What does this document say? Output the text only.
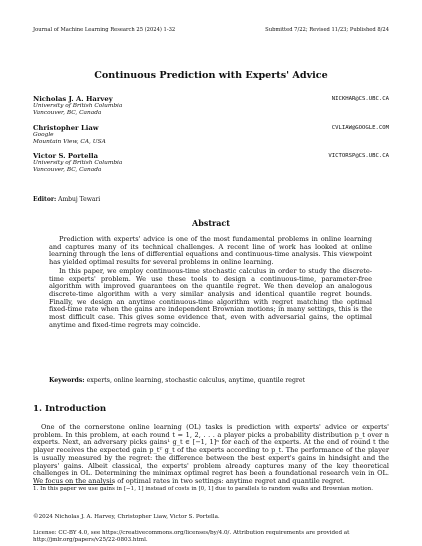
Journal of Machine Learning Research 25 (2024) 1-32	Submitted 7/22; Revised 11/23; Published 8/24
Continuous Prediction with Experts' Advice
Nicholas J. A. Harvey	NICKHAR@CS.UBC.CA
University of British Columbia
Vancouver, BC, Canada
Christopher Liaw	CVLIAW@GOOGLE.COM
Google
Mountain View, CA, USA
Victor S. Portella	VICTORSP@CS.UBC.CA
University of British Columbia
Vancouver, BC, Canada
Editor: Ambuj Tewari
Abstract

Prediction with experts' advice is one of the most fundamental problems in online learning and captures many of its technical challenges. A recent line of work has looked at online learning through the lens of differential equations and continuous-time analysis. This viewpoint has yielded optimal results for several problems in online learning.

In this paper, we employ continuous-time stochastic calculus in order to study the discrete-time experts' problem. We use these tools to design a continuous-time, parameter-free algorithm with improved guarantees on the quantile regret. We then develop an analogous discrete-time algorithm with a very similar analysis and identical quantile regret bounds. Finally, we design an anytime continuous-time algorithm with regret matching the optimal fixed-time rate when the gains are independent Brownian motions; in many settings, this is the most difficult case. This gives some evidence that, even with adversarial gains, the optimal anytime and fixed-time regrets may coincide.

Keywords: experts, online learning, stochastic calculus, anytime, quantile regret
1. Introduction

One of the cornerstone online learning (OL) tasks is prediction with experts' advice or experts' problem. In this problem, at each round t = 1, 2, . . . a player picks a probability distribution p_t over n experts. Next, an adversary picks gains¹ g_t ∈ [−1, 1]ⁿ for each of the experts. At the end of round t the player receives the expected gain p_tᵀ g_t of the experts according to p_t. The performance of the player is usually measured by the regret: the difference between the best expert's gains in hindsight and the players' gains. Albeit classical, the experts' problem already captures many of the key theoretical challenges in OL. Determining the minimax optimal regret has been a foundational research vein in OL. We focus on the analysis of optimal rates in two settings: anytime regret and quantile regret.

1. In this paper we use gains in [−1, 1] instead of costs in [0, 1] due to parallels to random walks and Brownian motion.
©2024 Nicholas J. A. Harvey, Christopher Liaw, Victor S. Portella.
License: CC-BY 4.0, see https://creativecommons.org/licenses/by/4.0/. Attribution requirements are provided at http://jmlr.org/papers/v25/22-0803.html.
